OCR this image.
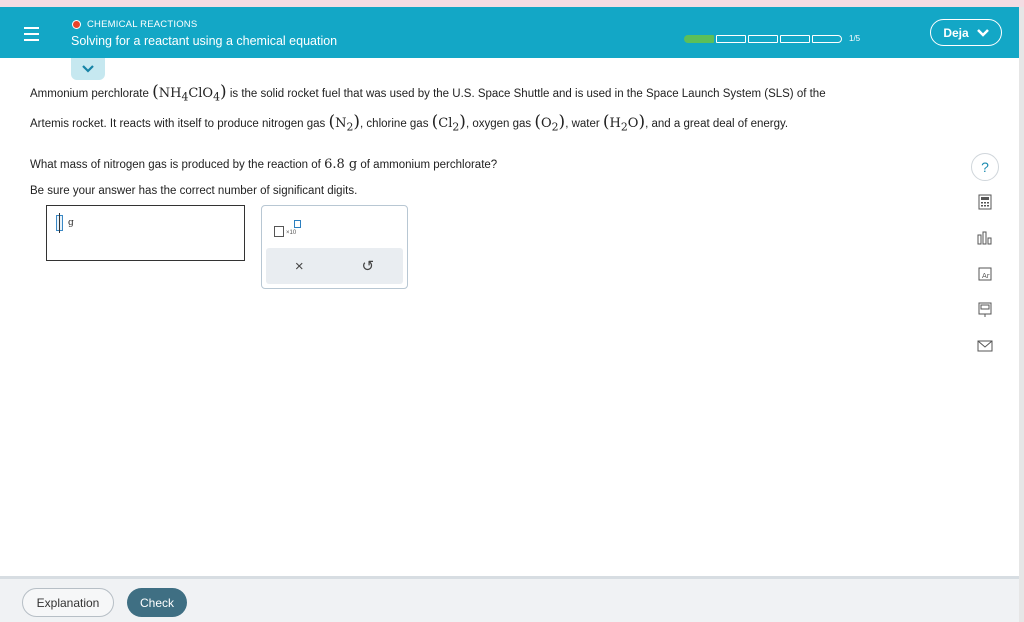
CHEMICAL REACTIONS
Solving for a reactant using a chemical equation	1/5	Deja
Ammonium perchlorate $(NH_4ClO_4)$ is the solid rocket fuel that was used by the U.S. Space Shuttle and is used in the Space Launch System (SLS) of the
Artemis rocket. It reacts with itself to produce nitrogen gas $(N_2)$, chlorine gas $(Cl_2)$, oxygen gas $(O_2)$, water $(H_2O)$, and a great deal of energy.
What mass of nitrogen gas is produced by the reaction of 6.8 g of ammonium perchlorate?
Be sure your answer has the correct number of significant digits.
g
×10
×	↺
?
Ar
Explanation	Check
